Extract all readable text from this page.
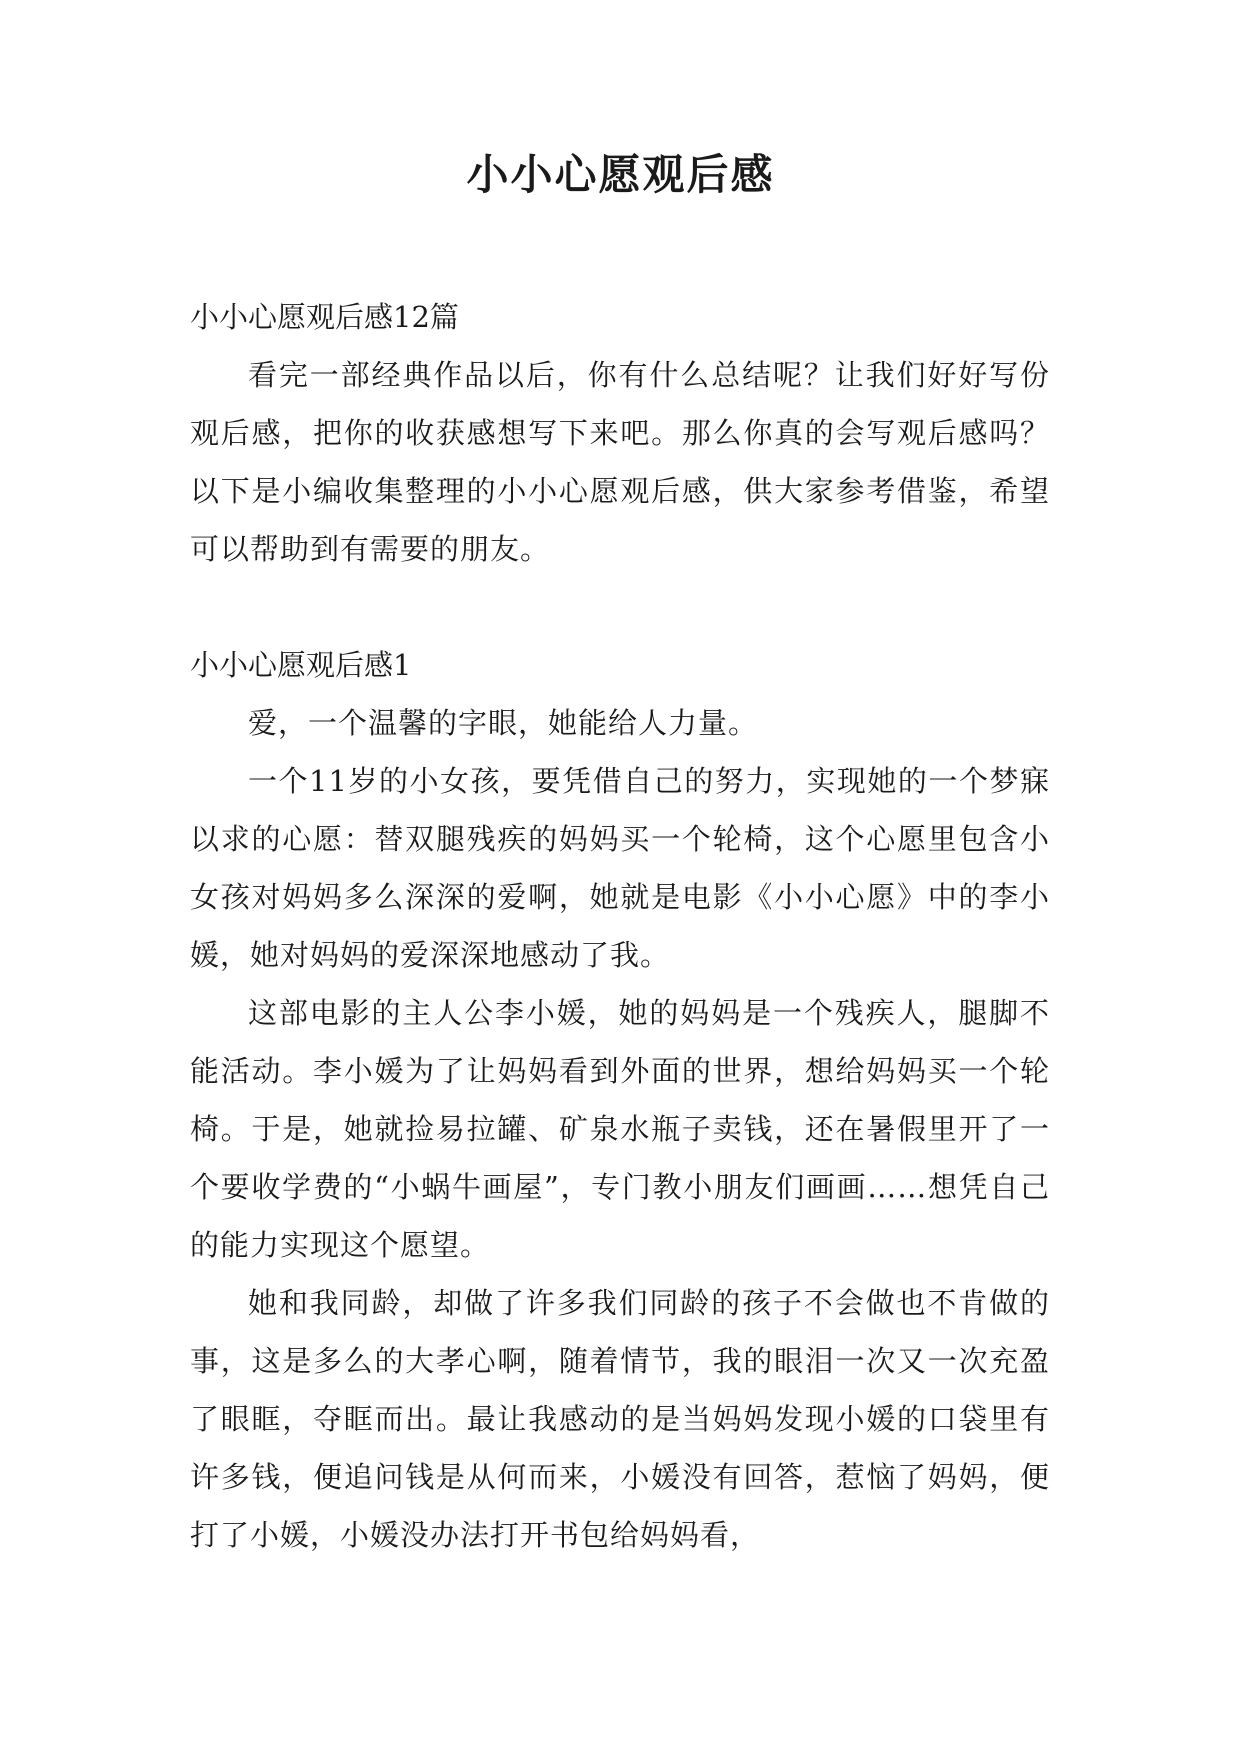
小小心愿观后感

小小心愿观后感12篇

看完一部经典作品以后，你有什么总结呢？让我们好好写份观后感，把你的收获感想写下来吧。那么你真的会写观后感吗？以下是小编收集整理的小小心愿观后感，供大家参考借鉴，希望可以帮助到有需要的朋友。

小小心愿观后感1

爱，一个温馨的字眼，她能给人力量。

一个11岁的小女孩，要凭借自己的努力，实现她的一个梦寐以求的心愿：替双腿残疾的妈妈买一个轮椅，这个心愿里包含小女孩对妈妈多么深深的爱啊，她就是电影《小小心愿》中的李小媛，她对妈妈的爱深深地感动了我。

这部电影的主人公李小媛，她的妈妈是一个残疾人，腿脚不能活动。李小媛为了让妈妈看到外面的世界，想给妈妈买一个轮椅。于是，她就捡易拉罐、矿泉水瓶子卖钱，还在暑假里开了一个要收学费的“小蜗牛画屋”，专门教小朋友们画画……想凭自己的能力实现这个愿望。

她和我同龄，却做了许多我们同龄的孩子不会做也不肯做的事，这是多么的大孝心啊，随着情节，我的眼泪一次又一次充盈了眼眶，夺眶而出。最让我感动的是当妈妈发现小媛的口袋里有许多钱，便追问钱是从何而来，小媛没有回答，惹恼了妈妈，便打了小媛，小媛没办法打开书包给妈妈看，
